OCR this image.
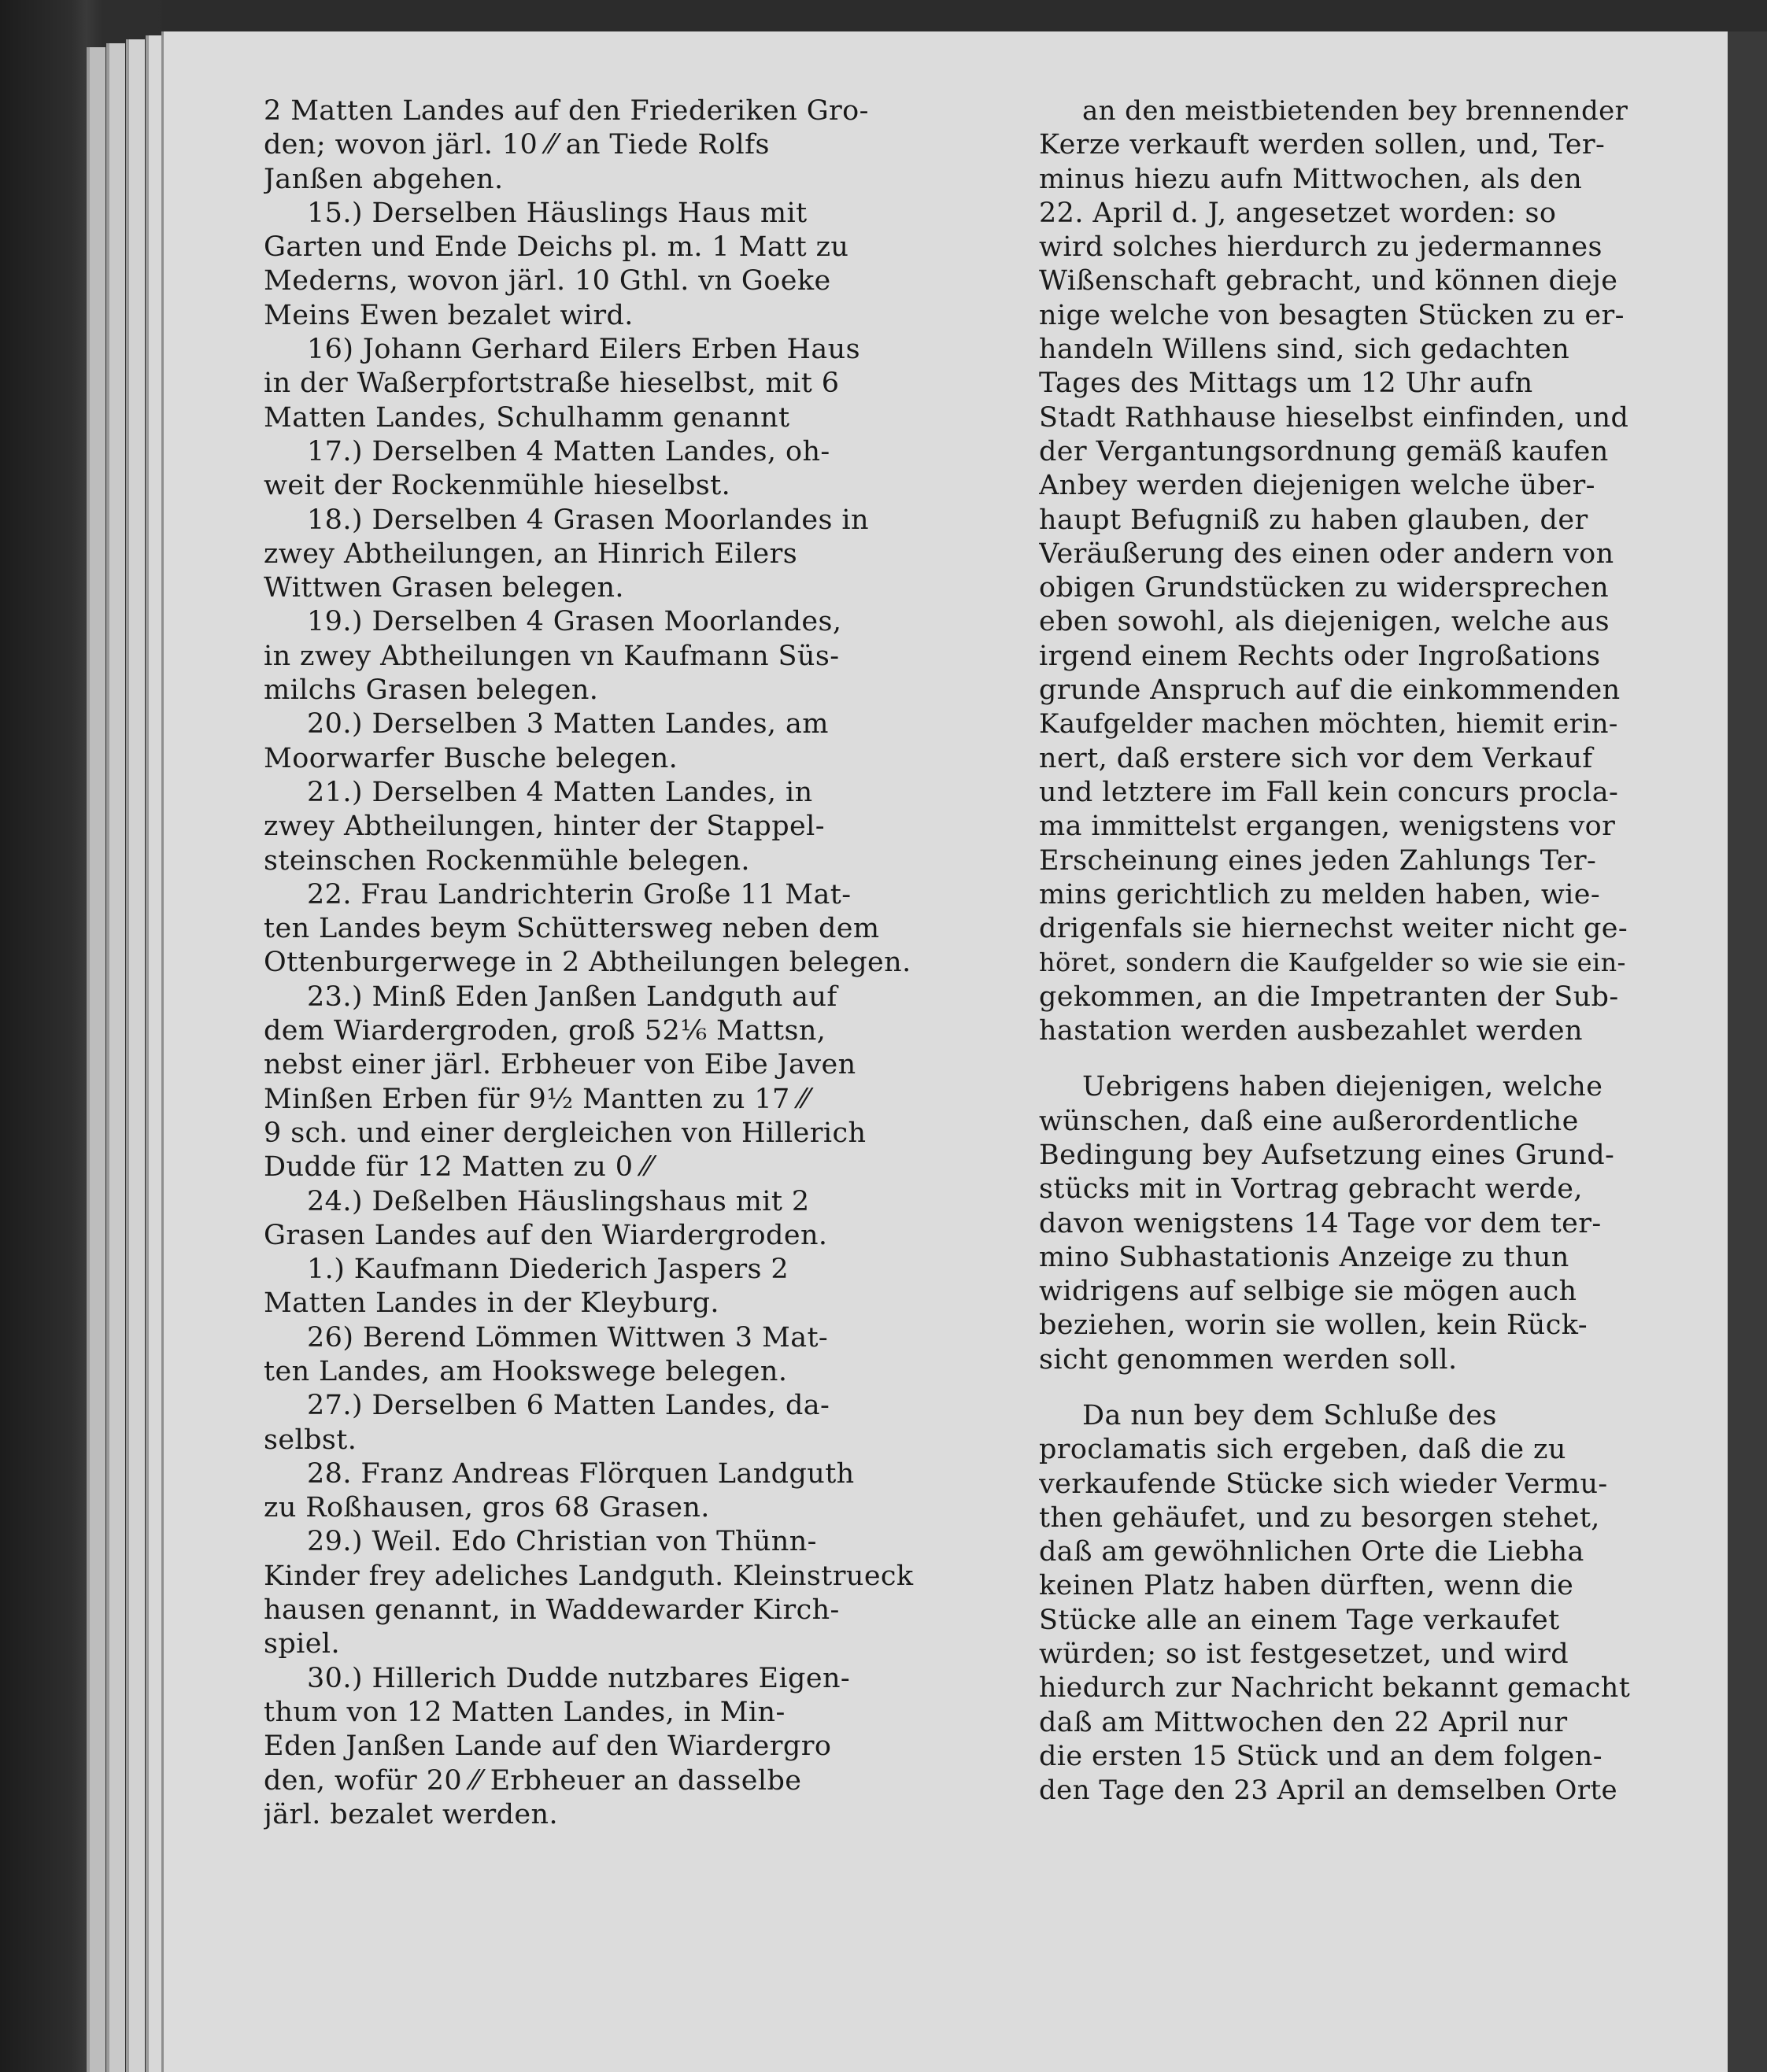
2 Matten Landes auf den Friederiken Gro-
den; wovon järl. 10 ⁄⁄ an Tiede Rolfs
Janßen abgehen.
15.) Derselben Häuslings Haus mit
Garten und Ende Deichs pl. m. 1 Matt zu
Mederns, wovon järl. 10 Gthl. vn Goeke
Meins Ewen bezalet wird.
16) Johann Gerhard Eilers Erben Haus
in der Waßerpfortstraße hieselbst, mit 6
Matten Landes, Schulhamm genannt
17.) Derselben 4 Matten Landes, oh-
weit der Rockenmühle hieselbst.
18.) Derselben 4 Grasen Moorlandes in
zwey Abtheilungen, an Hinrich Eilers
Wittwen Grasen belegen.
19.) Derselben 4 Grasen Moorlandes,
in zwey Abtheilungen vn Kaufmann Süs-
milchs Grasen belegen.
20.) Derselben 3 Matten Landes, am
Moorwarfer Busche belegen.
21.) Derselben 4 Matten Landes, in
zwey Abtheilungen, hinter der Stappel-
steinschen Rockenmühle belegen.
22. Frau Landrichterin Große 11 Mat-
ten Landes beym Schüttersweg neben dem
Ottenburgerwege in 2 Abtheilungen belegen.
23.) Minß Eden Janßen Landguth auf
dem Wiardergroden, groß 52⅙ Mattsn,
nebst einer järl. Erbheuer von Eibe Javen
Minßen Erben für 9½ Mantten zu 17 ⁄⁄
9 sch. und einer dergleichen von Hillerich
Dudde für 12 Matten zu 0 ⁄⁄
24.) Deßelben Häuslingshaus mit 2
Grasen Landes auf den Wiardergroden.
1.) Kaufmann Diederich Jaspers 2
Matten Landes in der Kleyburg.
26) Berend Lömmen Wittwen 3 Mat-
ten Landes, am Hookswege belegen.
27.) Derselben 6 Matten Landes, da-
selbst.
28. Franz Andreas Flörquen Landguth
zu Roßhausen, gros 68 Grasen.
29.) Weil. Edo Christian von Thünn-
Kinder frey adeliches Landguth. Kleinstrueck
hausen genannt, in Waddewarder Kirch-
spiel.
30.) Hillerich Dudde nutzbares Eigen-
thum von 12 Matten Landes, in Min-
Eden Janßen Lande auf den Wiardergro
den, wofür 20 ⁄⁄ Erbheuer an dasselbe
järl. bezalet werden.
an den meistbietenden bey brennender
Kerze verkauft werden sollen, und, Ter-
minus hiezu aufn Mittwochen, als den
22. April d. J, angesetzet worden: so
wird solches hierdurch zu jedermannes
Wißenschaft gebracht, und können dieje
nige welche von besagten Stücken zu er-
handeln Willens sind, sich gedachten
Tages des Mittags um 12 Uhr aufn
Stadt Rathhause hieselbst einfinden, und
der Vergantungsordnung gemäß kaufen
Anbey werden diejenigen welche über-
haupt Befugniß zu haben glauben, der
Veräußerung des einen oder andern von
obigen Grundstücken zu widersprechen
eben sowohl, als diejenigen, welche aus
irgend einem Rechts oder Ingroßations
grunde Anspruch auf die einkommenden
Kaufgelder machen möchten, hiemit erin-
nert, daß erstere sich vor dem Verkauf
und letztere im Fall kein concurs procla-
ma immittelst ergangen, wenigstens vor
Erscheinung eines jeden Zahlungs Ter-
mins gerichtlich zu melden haben, wie-
drigenfals sie hiernechst weiter nicht ge-
höret, sondern die Kaufgelder so wie sie ein-
gekommen, an die Impetranten der Sub-
hastation werden ausbezahlet werden
Uebrigens haben diejenigen, welche
wünschen, daß eine außerordentliche
Bedingung bey Aufsetzung eines Grund-
stücks mit in Vortrag gebracht werde,
davon wenigstens 14 Tage vor dem ter-
mino Subhastationis Anzeige zu thun
widrigens auf selbige sie mögen auch
beziehen, worin sie wollen, kein Rück-
sicht genommen werden soll.
Da nun bey dem Schluße des
proclamatis sich ergeben, daß die zu
verkaufende Stücke sich wieder Vermu-
then gehäufet, und zu besorgen stehet,
daß am gewöhnlichen Orte die Liebha
keinen Platz haben dürften, wenn die
Stücke alle an einem Tage verkaufet
würden; so ist festgesetzet, und wird
hiedurch zur Nachricht bekannt gemacht
daß am Mittwochen den 22 April nur
die ersten 15 Stück und an dem folgen-
den Tage den 23 April an demselben Orte
